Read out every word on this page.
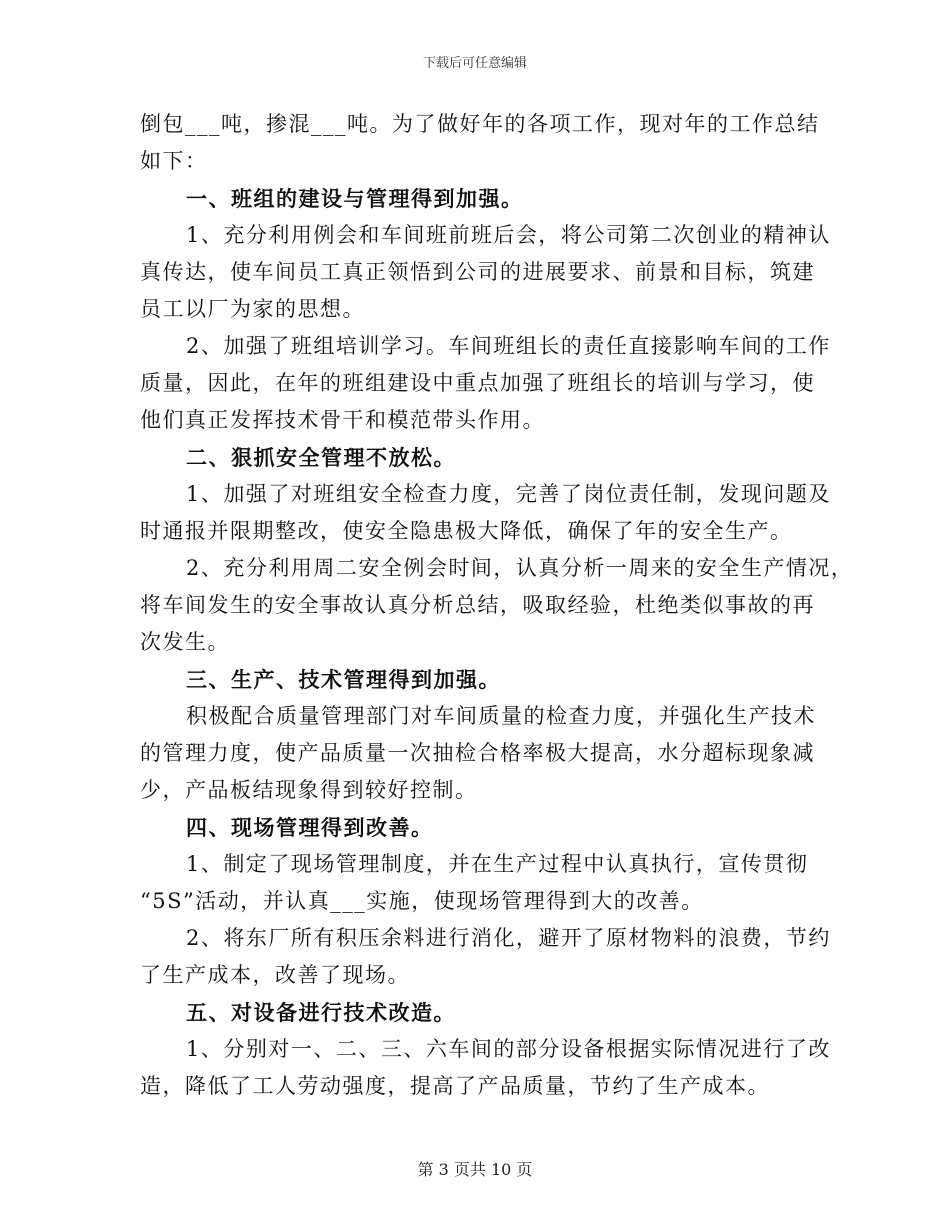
下载后可任意编辑
倒包___吨，掺混___吨。为了做好年的各项工作，现对年的工作总结
如下：
一、班组的建设与管理得到加强。
1、充分利用例会和车间班前班后会，将公司第二次创业的精神认
真传达，使车间员工真正领悟到公司的进展要求、前景和目标，筑建
员工以厂为家的思想。
2、加强了班组培训学习。车间班组长的责任直接影响车间的工作
质量，因此，在年的班组建设中重点加强了班组长的培训与学习，使
他们真正发挥技术骨干和模范带头作用。
二、狠抓安全管理不放松。
1、加强了对班组安全检查力度，完善了岗位责任制，发现问题及
时通报并限期整改，使安全隐患极大降低，确保了年的安全生产。
2、充分利用周二安全例会时间，认真分析一周来的安全生产情况，
将车间发生的安全事故认真分析总结，吸取经验，杜绝类似事故的再
次发生。
三、生产、技术管理得到加强。
积极配合质量管理部门对车间质量的检查力度，并强化生产技术
的管理力度，使产品质量一次抽检合格率极大提高，水分超标现象减
少，产品板结现象得到较好控制。
四、现场管理得到改善。
1、制定了现场管理制度，并在生产过程中认真执行，宣传贯彻
“5S”活动，并认真___实施，使现场管理得到大的改善。
2、将东厂所有积压余料进行消化，避开了原材物料的浪费，节约
了生产成本，改善了现场。
五、对设备进行技术改造。
1、分别对一、二、三、六车间的部分设备根据实际情况进行了改
造，降低了工人劳动强度，提高了产品质量，节约了生产成本。
第 3 页共 10 页
